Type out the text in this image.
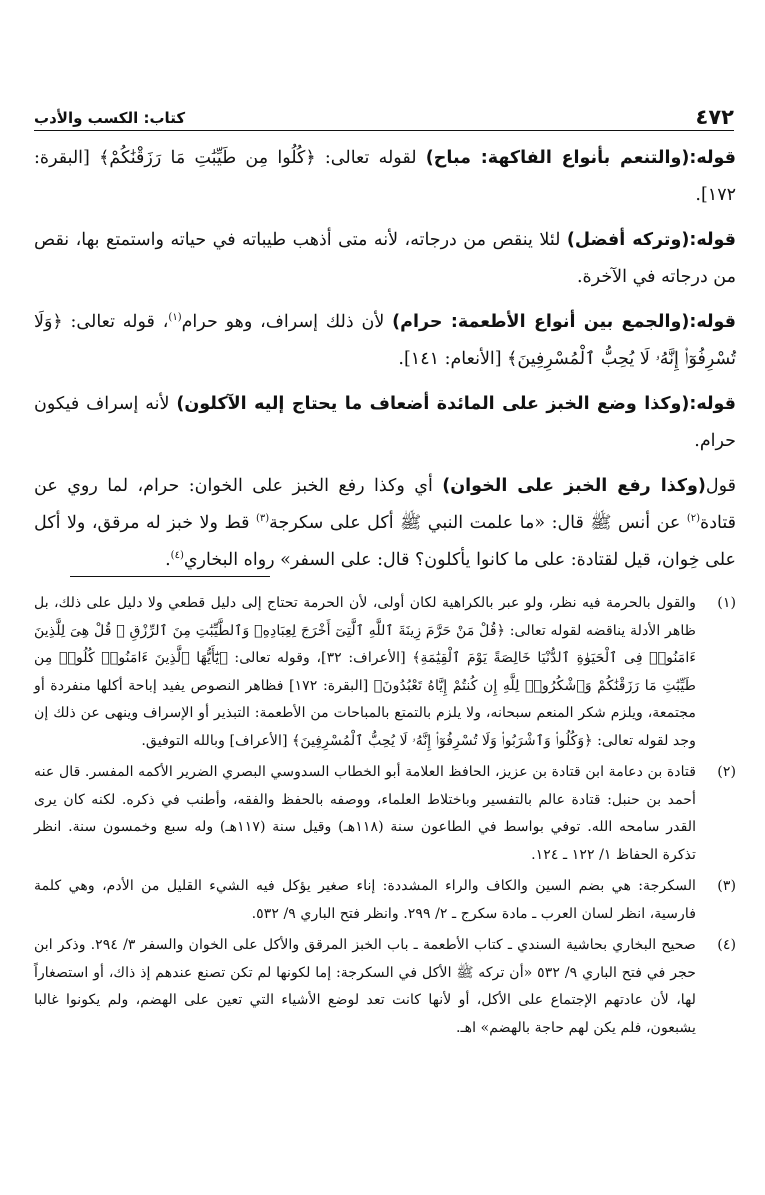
٤٧٢
كتاب: الكسب والأدب

قوله:(والتنعم بأنواع الفاكهة: مباح) لقوله تعالى: ﴿كُلُوا مِن طَيِّبَٰتِ مَا رَزَقْنَٰكُمْ﴾ [البقرة: ١٧٢].

قوله:(وتركه أفضل) لئلا ينقص من درجاته، لأنه متى أذهب طيباته في حياته واستمتع بها، نقص من درجاته في الآخرة.

قوله:(والجمع بين أنواع الأطعمة: حرام) لأن ذلك إسراف، وهو حرام$^{(١)}$، قوله تعالى: ﴿وَلَا تُسْرِفُوٓا۟ إِنَّهُۥ لَا يُحِبُّ ٱلْمُسْرِفِينَ﴾ [الأنعام: ١٤١].

قوله:(وكذا وضع الخبز على المائدة أضعاف ما يحتاج إليه الآكلون) لأنه إسراف فيكون حرام.

قول(وكذا رفع الخبز على الخوان) أي وكذا رفع الخبز على الخوان: حرام، لما روي عن قتادة$^{(٢)}$ عن أنس ﷺ قال: «ما علمت النبي ﷺ أكل على سكرجة$^{(٣)}$ قط ولا خبز له مرقق، ولا أكل على خِوان، قيل لقتادة: على ما كانوا يأكلون؟ قال: على السفر» رواه البخاري$^{(٤)}$.

(١)
والقول بالحرمة فيه نظر، ولو عبر بالكراهية لكان أولى، لأن الحرمة تحتاج إلى دليل قطعي ولا دليل على ذلك، بل ظاهر الأدلة يناقضه لقوله تعالى: ﴿قُلْ مَنْ حَرَّمَ زِينَةَ ٱللَّهِ ٱلَّتِىٓ أَخْرَجَ لِعِبَادِهِۦ وَٱلطَّيِّبَٰتِ مِنَ ٱلرِّزْقِ ۚ قُلْ هِىَ لِلَّذِينَ ءَامَنُوا۟ فِى ٱلْحَيَوٰةِ ٱلدُّنْيَا خَالِصَةً يَوْمَ ٱلْقِيَٰمَةِ﴾ [الأعراف: ٣٢]، وقوله تعالى: ﴿يَٰٓأَيُّهَا ٱلَّذِينَ ءَامَنُوا۟ كُلُوا۟ مِن طَيِّبَٰتِ مَا رَزَقْنَٰكُمْ وَٱشْكُرُوا۟ لِلَّهِ إِن كُنتُمْ إِيَّاهُ تَعْبُدُونَ﴾ [البقرة: ١٧٢] فظاهر النصوص يفيد إباحة أكلها منفردة أو مجتمعة، ويلزم شكر المنعم سبحانه، ولا يلزم بالتمتع بالمباحات من الأطعمة: التبذير أو الإسراف وينهى عن ذلك إن وجد لقوله تعالى: ﴿وَكُلُوا۟ وَٱشْرَبُوا۟ وَلَا تُسْرِفُوٓا۟ إِنَّهُۥ لَا يُحِبُّ ٱلْمُسْرِفِينَ﴾ [الأعراف] وبالله التوفيق.
(٢)
قتادة بن دعامة ابن قتادة بن عزيز، الحافظ العلامة أبو الخطاب السدوسي البصري الضرير الأكمه المفسر. قال عنه أحمد بن حنبل: قتادة عالم بالتفسير وباختلاط العلماء، ووصفه بالحفظ والفقه، وأطنب في ذكره. لكنه كان يرى القدر سامحه الله. توفي بواسط في الطاعون سنة (١١٨هـ) وقيل سنة (١١٧هـ) وله سبع وخمسون سنة. انظر تذكرة الحفاظ ١/ ١٢٢ ـ ١٢٤.
(٣)
السكرجة: هي بضم السين والكاف والراء المشددة: إناء صغير يؤكل فيه الشيء القليل من الأدم، وهي كلمة فارسية، انظر لسان العرب ـ مادة سكرج ـ ٢/ ٢٩٩. وانظر فتح الباري ٩/ ٥٣٢.
(٤)
صحيح البخاري بحاشية السندي ـ كتاب الأطعمة ـ باب الخبز المرقق والأكل على الخوان والسفر ٣/ ٢٩٤. وذكر ابن حجر في فتح الباري ٩/ ٥٣٢ «أن تركه ﷺ الأكل في السكرجة: إما لكونها لم تكن تصنع عندهم إذ ذاك، أو استصغاراً لها، لأن عادتهم الإجتماع على الأكل، أو لأنها كانت تعد لوضع الأشياء التي تعين على الهضم، ولم يكونوا غالبا يشبعون، فلم يكن لهم حاجة بالهضم» اهـ.
